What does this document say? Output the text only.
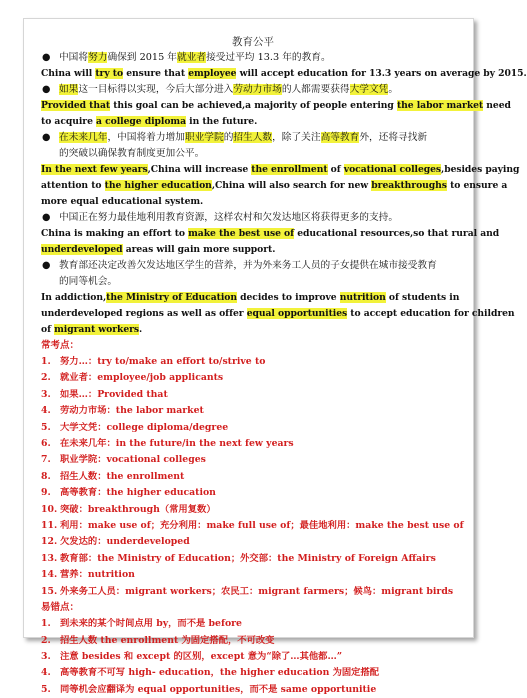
教育公平
● 中国将努力确保到 2015 年就业者接受过平均 13.3 年的教育。
China will try to ensure that employee will accept education for 13.3 years on average by 2015.
● 如果这一目标得以实现，今后大部分进入劳动力市场的人都需要获得大学文凭。
Provided that this goal can be achieved,a majority of people entering the labor market need
to acquire a college diploma in the future.
● 在未来几年，中国将着力增加职业学院的招生人数，除了关注高等教育外，还将寻找新
的突破以确保教育制度更加公平。
In the next few years,China will increase the enrollment of vocational colleges,besides paying
attention to the higher education,China will also search for new breakthroughs to ensure a
more equal educational system.
● 中国正在努力最佳地利用教育资源，这样农村和欠发达地区将获得更多的支持。
China is making an effort to make the best use of educational resources,so that rural and
underdeveloped areas will gain more support.
● 教育部还决定改善欠发达地区学生的营养，并为外来务工人员的子女提供在城市接受教育
的同等机会。
In addiction,the Ministry of Education decides to improve nutrition of students in
underdeveloped regions as well as offer equal opportunities to accept education for children
of migrant workers.
常考点：
1. 努力…：try to/make an effort to/strive to
2. 就业者：employee/job applicants
3. 如果…：Provided that
4. 劳动力市场：the labor market
5. 大学文凭：college diploma/degree
6. 在未来几年：in the future/in the next few years
7. 职业学院：vocational colleges
8. 招生人数：the enrollment
9. 高等教育：the higher education
10. 突破：breakthrough（常用复数）
11. 利用：make use of；充分利用：make full use of；最佳地利用：make the best use of
12. 欠发达的：underdeveloped
13. 教育部：the Ministry of Education；外交部：the Ministry of Foreign Affairs
14. 营养：nutrition
15. 外来务工人员：migrant workers；农民工：migrant farmers；候鸟：migrant birds
易错点：
1. 到未来的某个时间点用 by，而不是 before
2. 招生人数 the enrollment 为固定搭配，不可改变
3. 注意 besides 和 except 的区别，except 意为“除了…其他都…”
4. 高等教育不可写 high- education，the higher education 为固定搭配
5. 同等机会应翻译为 equal opportunities，而不是 same opportunitie
